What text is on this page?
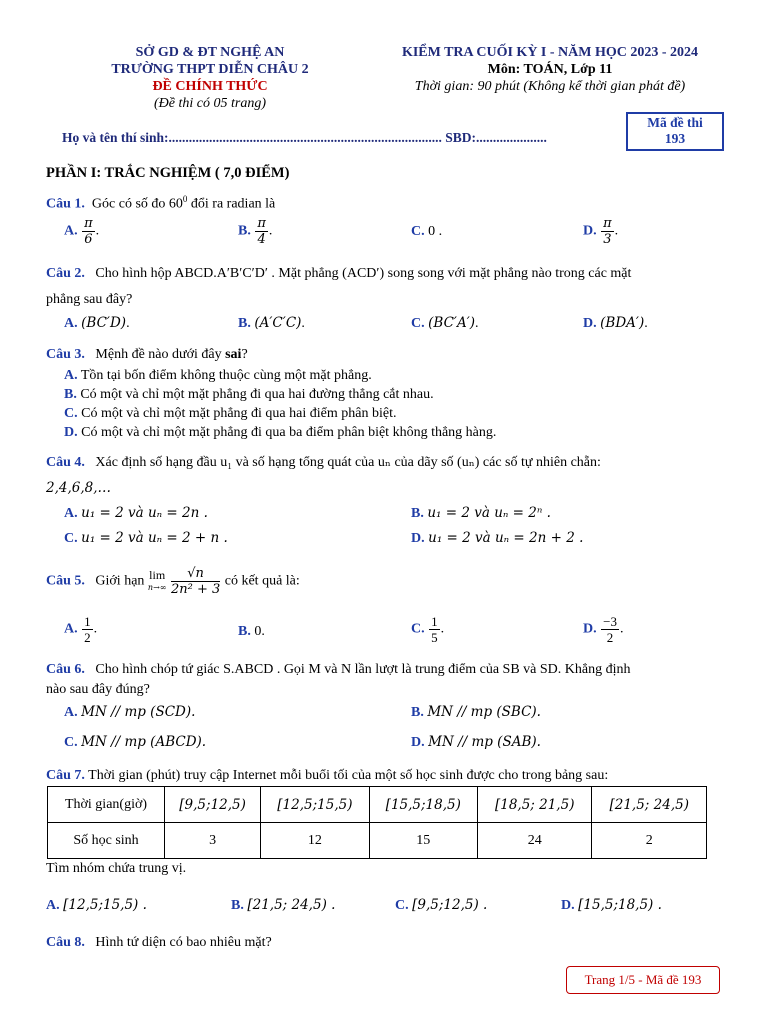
SỞ GD & ĐT NGHỆ AN
TRƯỜNG THPT DIỄN CHÂU 2
ĐỀ CHÍNH THỨC
(Đề thi có 05 trang)
KIỂM TRA CUỐI KỲ I - NĂM HỌC 2023 - 2024
Môn: TOÁN, Lớp 11
Thời gian: 90 phút (Không kể thời gian phát đề)
Họ và tên thí sinh:................................................................................. SBD:.....................
Mã đề thi
193
PHẦN I: TRẮC NGHIỆM ( 7,0 ĐIỂM)
Câu 1. Góc có số đo $60^0$ đổi ra radian là
A. $\frac{\pi}{6}$ .	B. $\frac{\pi}{4}$ .	C. 0 .	D. $\frac{\pi}{3}$ .
Câu 2. Cho hình hộp ABCD.A′B′C′D′ . Mặt phẳng (ACD′) song song với mặt phẳng nào trong các mặt
phẳng sau đây?
A. (BC′D).	B. (A′C′C).	C. (BC′A′).	D. (BDA′).
Câu 3. Mệnh đề nào dưới đây sai?
A. Tồn tại bốn điểm không thuộc cùng một mặt phẳng.
B. Có một và chỉ một mặt phẳng đi qua hai đường thẳng cắt nhau.
C. Có một và chỉ một mặt phẳng đi qua hai điểm phân biệt.
D. Có một và chỉ một mặt phẳng đi qua ba điểm phân biệt không thẳng hàng.
Câu 4. Xác định số hạng đầu u₁ và số hạng tổng quát của uₙ của dãy số (uₙ) các số tự nhiên chẵn:
2,4,6,8,…
A. u₁ = 2 và uₙ = 2n .	B. u₁ = 2 và uₙ = 2ⁿ .
C. u₁ = 2 và uₙ = 2 + n .	D. u₁ = 2 và uₙ = 2n + 2 .
Câu 5. Giới hạn lim
$n\to\infty \frac{√n}{\text{2n² + 3}}$ có kết quả là:
A. $\frac{1}{2}$ .	B. 0.	C. $\frac{1}{5}$ .	D. $\frac{-3}{2}$ .
Câu 6. Cho hình chóp tứ giác S.ABCD . Gọi M và N lần lượt là trung điểm của SB và SD. Khẳng định
nào sau đây đúng?
A. MN // mp (SCD).	B. MN // mp (SBC).
C. MN // mp (ABCD).	D. MN // mp (SAB).
Câu 7. Thời gian (phút) truy cập Internet mỗi buổi tối của một số học sinh được cho trong bảng sau:
Thời gian(giờ)	[9,5;12,5)	[12,5;15,5)	[15,5;18,5)	[18,5; 21,5)	[21,5; 24,5)
Số học sinh	3	12	15	24	2
Tìm nhóm chứa trung vị.
A. [12,5;15,5) .	B. [21,5; 24,5) .	C. [9,5;12,5) .	D. [15,5;18,5) .
Câu 8. Hình tứ diện có bao nhiêu mặt?
Trang 1/5 - Mã đề 193
